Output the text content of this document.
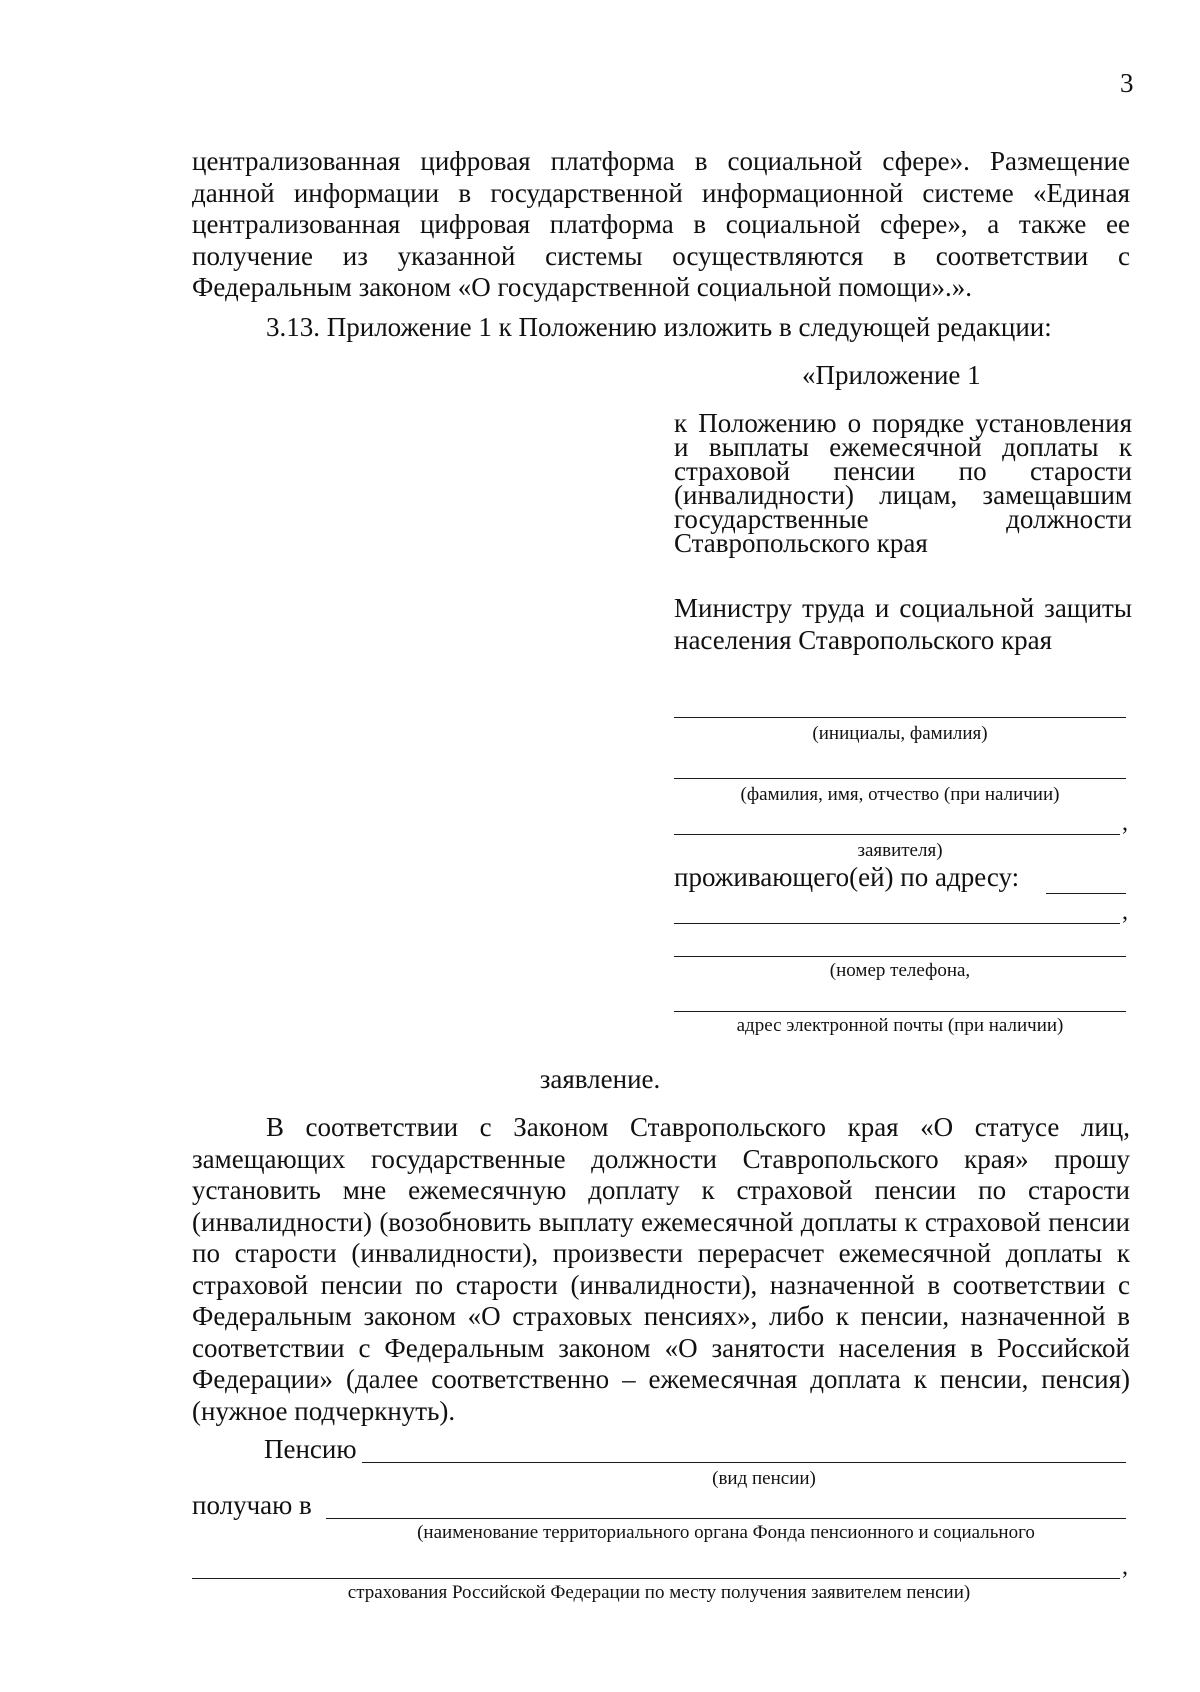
3

централизованная цифровая платформа в социальной сфере». Размещение данной информации в государственной информационной системе «Единая централизованная цифровая платформа в социальной сфере», а также ее получение из указанной системы осуществляются в соответствии с Федеральным законом «О государственной социальной помощи».».

3.13. Приложение 1 к Положению изложить в следующей редакции:

«Приложение 1

к Положению о порядке установления и выплаты ежемесячной доплаты к страховой пенсии по старости (инвалидности) лицам, замещавшим государственные должности Ставропольского края

Министру труда и социальной защиты населения Ставропольского края

(инициалы, фамилия)
(фамилия, имя, отчество (при наличии)
,
заявителя)
проживающего(ей) по адресу:
,
(номер телефона,
адрес электронной почты (при наличии)
заявление.

В соответствии с Законом Ставропольского края «О статусе лиц, замещающих государственные должности Ставропольского края» прошу установить мне ежемесячную доплату к страховой пенсии по старости (инвалидности) (возобновить выплату ежемесячной доплаты к страховой пенсии по старости (инвалидности), произвести перерасчет ежемесячной доплаты к страховой пенсии по старости (инвалидности), назначенной в соответствии с Федеральным законом «О страховых пенсиях», либо к пенсии, назначенной в соответствии с Федеральным законом «О занятости населения в Российской Федерации» (далее соответственно – ежемесячная доплата к пенсии, пенсия) (нужное подчеркнуть).

Пенсию
(вид пенсии)
получаю в
(наименование территориального органа Фонда пенсионного и социального
,
страхования Российской Федерации по месту получения заявителем пенсии)
